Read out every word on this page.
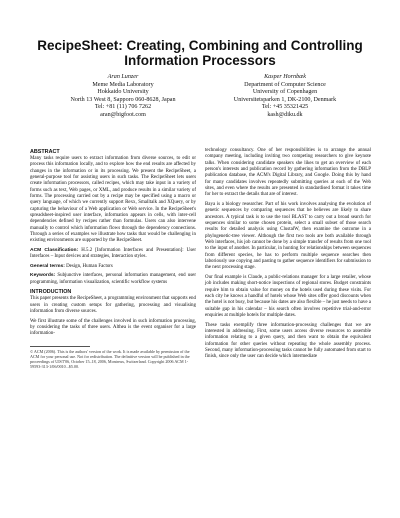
RecipeSheet: Creating, Combining and Controlling
Information Processors
Aran Lunzer
Meme Media Laboratory
Hokkaido University
North 13 West 8, Sapporo 060-8628, Japan
Tel: +81 (11) 706 7262
aran@bigfoot.com
Kasper Hornbæk
Department of Computer Science
University of Copenhagen
Universitetsparken 1, DK-2100, Denmark
Tel: +45 35321425
kash@diku.dk
ABSTRACT

Many tasks require users to extract information from diverse sources, to edit or process this information locally, and to explore how the end results are affected by changes in the information or in its processing. We present the RecipeSheet, a general-purpose tool for assisting users in such tasks. The RecipeSheet lets users create information processors, called recipes, which may take input in a variety of forms such as text, Web pages, or XML, and produce results in a similar variety of forms. The processing carried out by a recipe may be specified using a macro or query language, of which we currently support Rexx, Smalltalk and XQuery, or by capturing the behaviour of a Web application or Web service. In the RecipeSheet's spreadsheet-inspired user interface, information appears in cells, with inter-cell dependencies defined by recipes rather than formulas. Users can also intervene manually to control which information flows through the dependency connections. Through a series of examples we illustrate how tasks that would be challenging in existing environments are supported by the RecipeSheet.

ACM Classification: H.5.2 [Information Interfaces and Presentation]: User Interfaces – Input devices and strategies, Interaction styles.

General terms: Design, Human Factors

Keywords: Subjunctive interfaces, personal information management, end user programming, information visualization, scientific workflow systems

INTRODUCTION

This paper presents the RecipeSheet, a programming environment that supports end users in creating custom setups for gathering, processing and visualising information from diverse sources.

We first illustrate some of the challenges involved in such information processing, by considering the tasks of three users. Althea is the event organiser for a large information-

© ACM (2006). This is the authors' version of the work. It is made available by permission of the ACM for your personal use. Not for redistribution. The definitive version will be published in the proceedings of UIST'06, October 15–18, 2006, Montreux, Switzerland. Copyright 2006 ACM 1-59593-313-1/06/0010...$5.00.

technology consultancy. One of her responsibilities is to arrange the annual company meeting, including inviting two competing researchers to give keynote talks. When considering candidate speakers she likes to get an overview of each person's interests and publication record by gathering information from the DBLP publication database, the ACM's Digital Library, and Google. Doing this by hand for many candidates involves repeatedly submitting queries at each of the Web sites, and even where the results are presented in standardised format it takes time for her to extract the details that are of interest.

Baya is a biology researcher. Part of his work involves analysing the evolution of genetic sequences by comparing sequences that he believes are likely to share ancestors. A typical task is to use the tool BLAST to carry out a broad search for sequences similar to some chosen protein, select a small subset of those search results for detailed analysis using ClustalW, then examine the outcome in a phylogenetic-tree viewer. Although the first two tools are both available through Web interfaces, his job cannot be done by a simple transfer of results from one tool to the input of another. In particular, in hunting for relationships between sequences from different species, he has to perform multiple sequence searches then laboriously use copying and pasting to gather sequence identifiers for submission to the next processing stage.

Our final example is Claude, a public-relations manager for a large retailer, whose job includes making short-notice inspections of regional stores. Budget constraints require him to obtain value for money on the hotels used during these visits. For each city he knows a handful of hotels whose Web sites offer good discounts when the hotel is not busy, but because his dates are also flexible – he just needs to have a suitable gap in his calendar – his search often involves repetitive trial-and-error enquiries at multiple hotels for multiple dates.

These tasks exemplify three information-processing challenges that we are interested in addressing. First, some users access diverse resources to assemble information relating to a given query, and then want to obtain the equivalent information for other queries without repeating the whole assembly process. Second, many information-processing tasks cannot be fully automated from start to finish, since only the user can decide which intermediate
